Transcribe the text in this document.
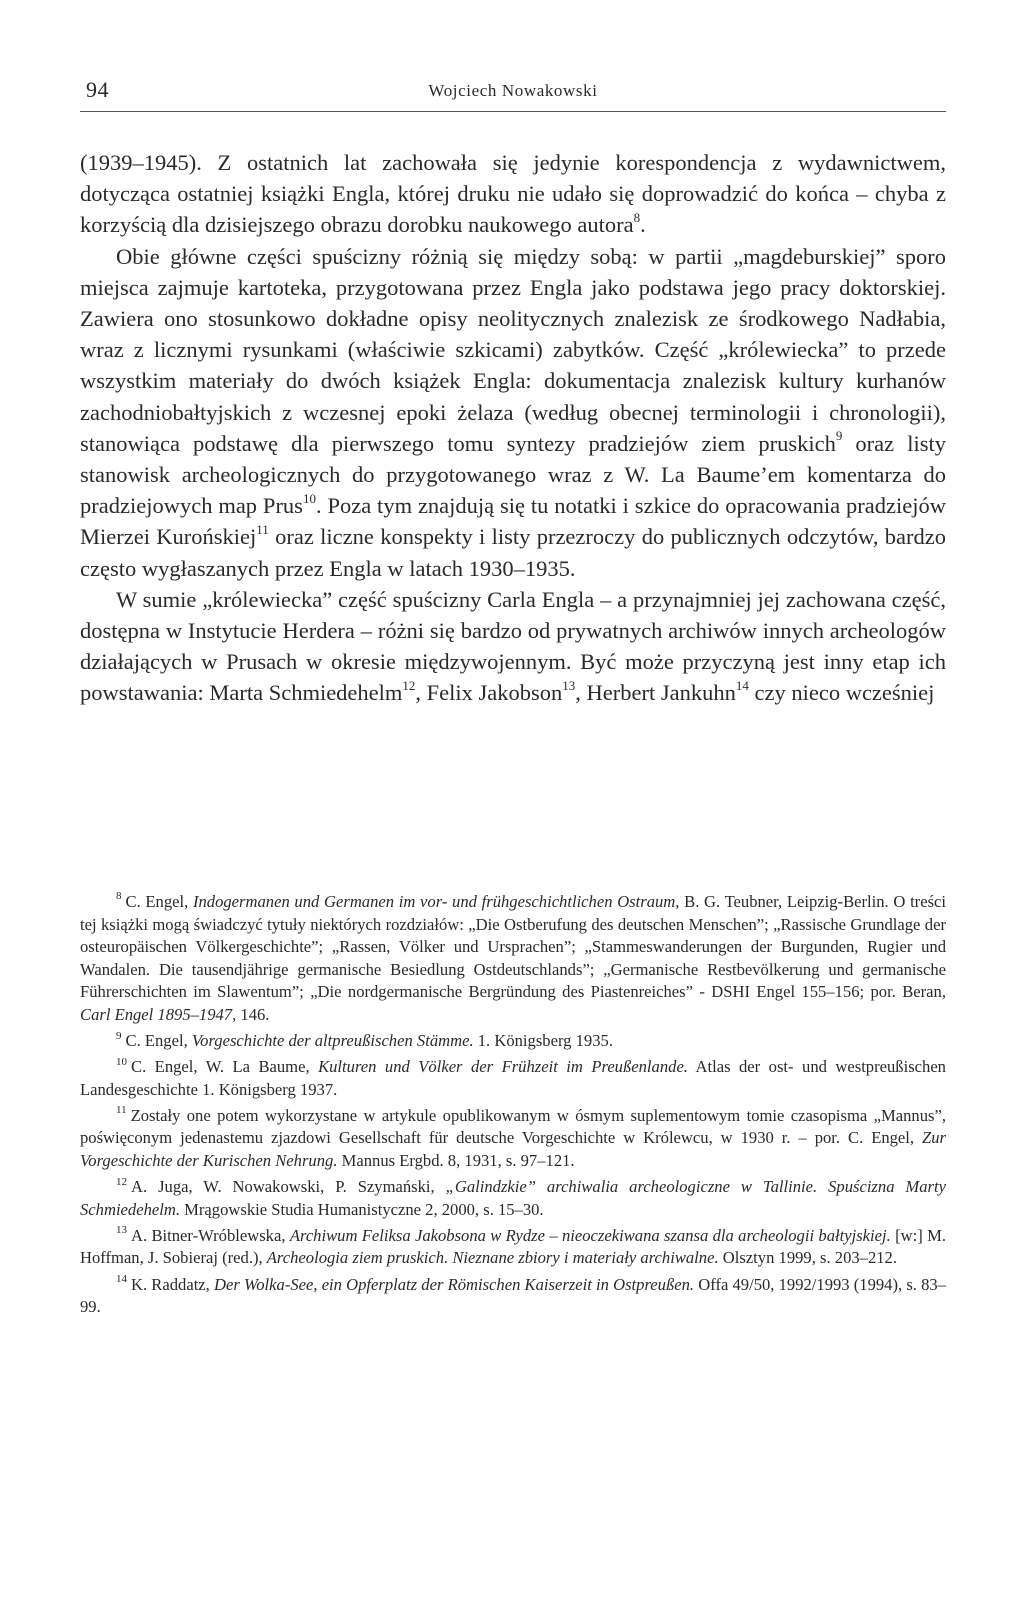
94	Wojciech Nowakowski

(1939–1945). Z ostatnich lat zachowała się jedynie korespondencja z wydawnictwem, dotycząca ostatniej książki Engla, której druku nie udało się doprowadzić do końca – chyba z korzyścią dla dzisiejszego obrazu dorobku naukowego autora$^8$.

Obie główne części spuścizny różnią się między sobą: w partii „magdeburskiej” sporo miejsca zajmuje kartoteka, przygotowana przez Engla jako podstawa jego pracy doktorskiej. Zawiera ono stosunkowo dokładne opisy neolitycznych znalezisk ze środkowego Nadłabia, wraz z licznymi rysunkami (właściwie szkicami) zabytków. Część „królewiecka” to przede wszystkim materiały do dwóch książek Engla: dokumentacja znalezisk kultury kurhanów zachodniobałtyjskich z wczesnej epoki żelaza (według obecnej terminologii i chronologii), stanowiąca podstawę dla pierwszego tomu syntezy pradziejów ziem pruskich$^9$ oraz listy stanowisk archeologicznych do przygotowanego wraz z W. La Baume’em komentarza do pradziejowych map Prus$^{10}$. Poza tym znajdują się tu notatki i szkice do opracowania pradziejów Mierzei Kurońskiej$^{11}$ oraz liczne konspekty i listy przezroczy do publicznych odczytów, bardzo często wygłaszanych przez Engla w latach 1930–1935.

W sumie „królewiecka” część spuścizny Carla Engla – a przynajmniej jej zachowana część, dostępna w Instytucie Herdera – różni się bardzo od prywatnych archiwów innych archeologów działających w Prusach w okresie międzywojennym. Być może przyczyną jest inny etap ich powstawania: Marta Schmiedehelm$^{12}$, Felix Jakobson$^{13}$, Herbert Jankuhn$^{14}$ czy nieco wcześniej

$^8$ C. Engel, Indogermanen und Germanen im vor- und frühgeschichtlichen Ostraum, B. G. Teubner, Leipzig-Berlin. O treści tej książki mogą świadczyć tytuły niektórych rozdziałów: „Die Ostberufung des deutschen Menschen”; „Rassische Grundlage der osteuropäischen Völkergeschichte”; „Rassen, Völker und Ursprachen”; „Stammeswanderungen der Burgunden, Rugier und Wandalen. Die tausendjährige germanische Besiedlung Ostdeutschlands”; „Germanische Restbevölkerung und germanische Führerschichten im Slawentum”; „Die nordgermanische Bergründung des Piastenreiches” - DSHI Engel 155–156; por. Beran, Carl Engel 1895–1947, 146.

$^9$ C. Engel, Vorgeschichte der altpreußischen Stämme. 1. Königsberg 1935.

$^{10}$ C. Engel, W. La Baume, Kulturen und Völker der Frühzeit im Preußenlande. Atlas der ost- und westpreußischen Landesgeschichte 1. Königsberg 1937.

$^{11}$ Zostały one potem wykorzystane w artykule opublikowanym w ósmym suplementowym tomie czasopisma „Mannus”, poświęconym jedenastemu zjazdowi Gesellschaft für deutsche Vorgeschichte w Królewcu, w 1930 r. – por. C. Engel, Zur Vorgeschichte der Kurischen Nehrung. Mannus Ergbd. 8, 1931, s. 97–121.

$^{12}$ A. Juga, W. Nowakowski, P. Szymański, „Galindzkie” archiwalia archeologiczne w Tallinie. Spuścizna Marty Schmiedehelm. Mrągowskie Studia Humanistyczne 2, 2000, s. 15–30.

$^{13}$ A. Bitner-Wróblewska, Archiwum Feliksa Jakobsona w Rydze – nieoczekiwana szansa dla archeologii bałtyjskiej. [w:] M. Hoffman, J. Sobieraj (red.), Archeologia ziem pruskich. Nieznane zbiory i materiały archiwalne. Olsztyn 1999, s. 203–212.

$^{14}$ K. Raddatz, Der Wolka-See, ein Opferplatz der Römischen Kaiserzeit in Ostpreußen. Offa 49/50, 1992/1993 (1994), s. 83–99.
